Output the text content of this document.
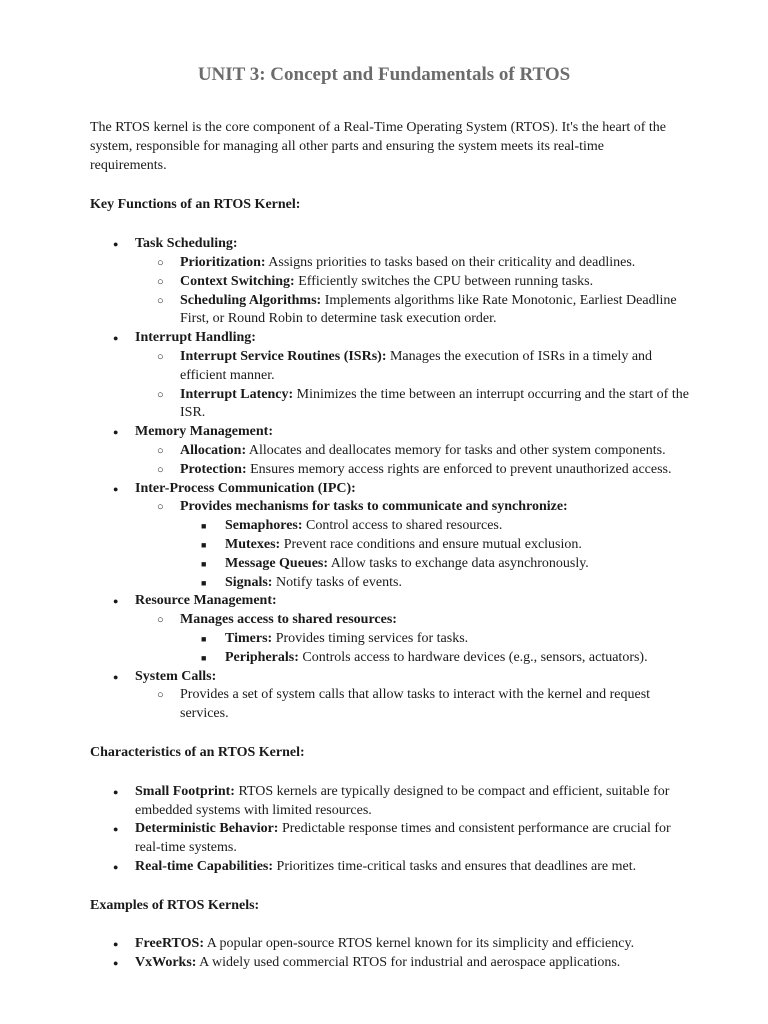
UNIT 3: Concept and Fundamentals of RTOS

The RTOS kernel is the core component of a Real-Time Operating System (RTOS). It's the heart of the system, responsible for managing all other parts and ensuring the system meets its real-time requirements.

Key Functions of an RTOS Kernel:

● Task Scheduling:
○ Prioritization: Assigns priorities to tasks based on their criticality and deadlines.
○ Context Switching: Efficiently switches the CPU between running tasks.
○ Scheduling Algorithms: Implements algorithms like Rate Monotonic, Earliest Deadline First, or Round Robin to determine task execution order.
● Interrupt Handling:
○ Interrupt Service Routines (ISRs): Manages the execution of ISRs in a timely and efficient manner.
○ Interrupt Latency: Minimizes the time between an interrupt occurring and the start of the ISR.
● Memory Management:
○ Allocation: Allocates and deallocates memory for tasks and other system components.
○ Protection: Ensures memory access rights are enforced to prevent unauthorized access.
● Inter-Process Communication (IPC):
○ Provides mechanisms for tasks to communicate and synchronize:
■ Semaphores: Control access to shared resources.
■ Mutexes: Prevent race conditions and ensure mutual exclusion.
■ Message Queues: Allow tasks to exchange data asynchronously.
■ Signals: Notify tasks of events.
● Resource Management:
○ Manages access to shared resources:
■ Timers: Provides timing services for tasks.
■ Peripherals: Controls access to hardware devices (e.g., sensors, actuators).
● System Calls:
○ Provides a set of system calls that allow tasks to interact with the kernel and request services.

Characteristics of an RTOS Kernel:

● Small Footprint: RTOS kernels are typically designed to be compact and efficient, suitable for embedded systems with limited resources.
● Deterministic Behavior: Predictable response times and consistent performance are crucial for real-time systems.
● Real-time Capabilities: Prioritizes time-critical tasks and ensures that deadlines are met.

Examples of RTOS Kernels:

● FreeRTOS: A popular open-source RTOS kernel known for its simplicity and efficiency.
● VxWorks: A widely used commercial RTOS for industrial and aerospace applications.
